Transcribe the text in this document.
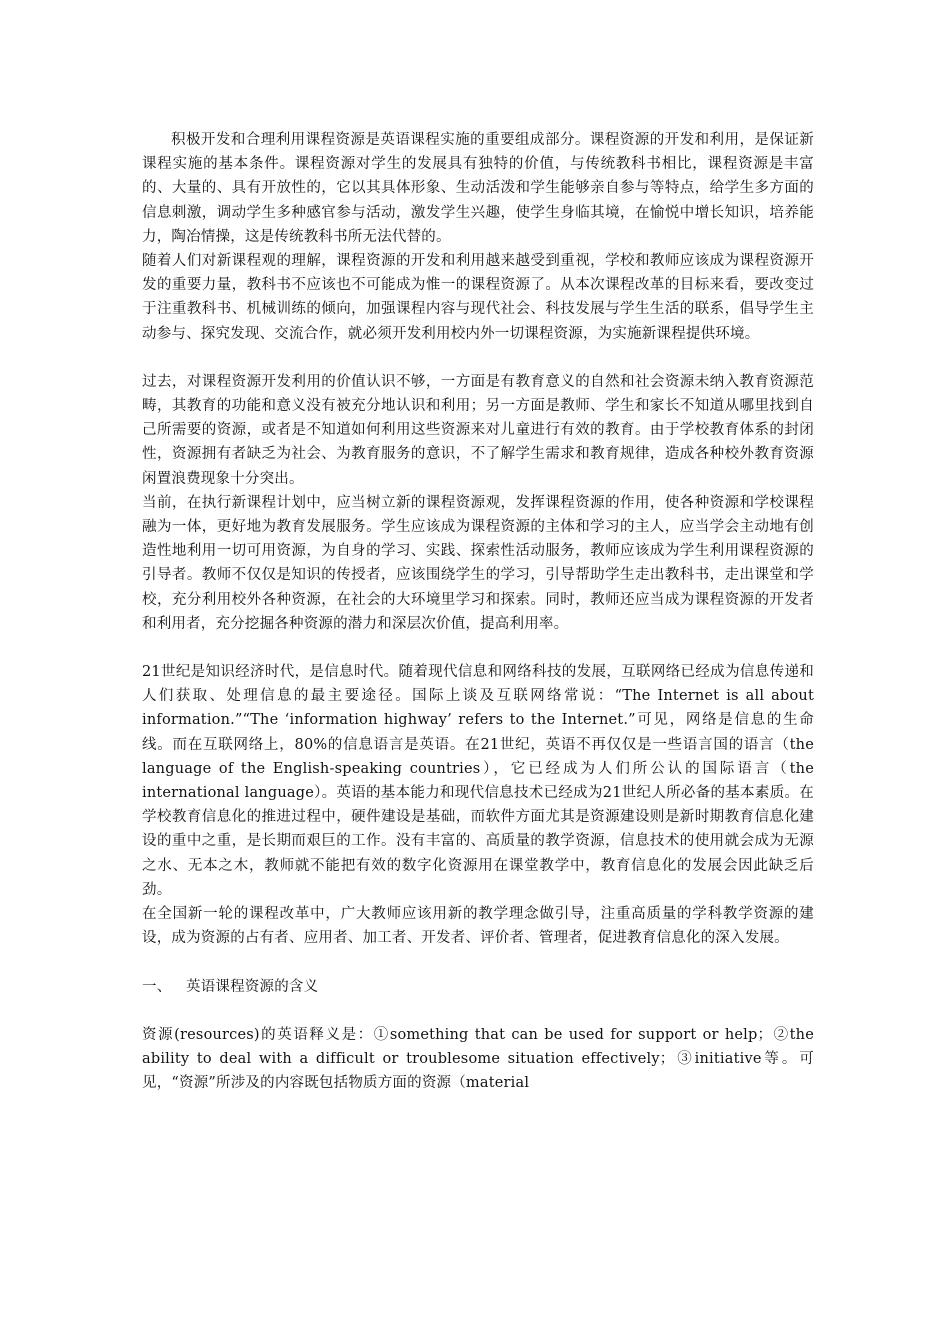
积极开发和合理利用课程资源是英语课程实施的重要组成部分。课程资源的开发和利用，是保证新课程实施的基本条件。课程资源对学生的发展具有独特的价值，与传统教科书相比，课程资源是丰富的、大量的、具有开放性的，它以其具体形象、生动活泼和学生能够亲自参与等特点，给学生多方面的信息刺激，调动学生多种感官参与活动，激发学生兴趣，使学生身临其境，在愉悦中增长知识，培养能力，陶冶情操，这是传统教科书所无法代替的。

随着人们对新课程观的理解，课程资源的开发和利用越来越受到重视，学校和教师应该成为课程资源开发的重要力量，教科书不应该也不可能成为惟一的课程资源了。从本次课程改革的目标来看，要改变过于注重教科书、机械训练的倾向，加强课程内容与现代社会、科技发展与学生生活的联系，倡导学生主动参与、探究发现、交流合作，就必须开发利用校内外一切课程资源，为实施新课程提供环境。

过去，对课程资源开发利用的价值认识不够，一方面是有教育意义的自然和社会资源未纳入教育资源范畴，其教育的功能和意义没有被充分地认识和利用；另一方面是教师、学生和家长不知道从哪里找到自己所需要的资源，或者是不知道如何利用这些资源来对儿童进行有效的教育。由于学校教育体系的封闭性，资源拥有者缺乏为社会、为教育服务的意识，不了解学生需求和教育规律，造成各种校外教育资源闲置浪费现象十分突出。

当前，在执行新课程计划中，应当树立新的课程资源观，发挥课程资源的作用，使各种资源和学校课程融为一体，更好地为教育发展服务。学生应该成为课程资源的主体和学习的主人，应当学会主动地有创造性地利用一切可用资源，为自身的学习、实践、探索性活动服务，教师应该成为学生利用课程资源的引导者。教师不仅仅是知识的传授者，应该围绕学生的学习，引导帮助学生走出教科书，走出课堂和学校，充分利用校外各种资源，在社会的大环境里学习和探索。同时，教师还应当成为课程资源的开发者和利用者，充分挖掘各种资源的潜力和深层次价值，提高利用率。

21世纪是知识经济时代，是信息时代。随着现代信息和网络科技的发展，互联网络已经成为信息传递和人们获取、处理信息的最主要途径。国际上谈及互联网络常说：“The Internet is all about information.”“The ‘information highway’ refers to the Internet.”可见，网络是信息的生命线。而在互联网络上，80%的信息语言是英语。在21世纪，英语不再仅仅是一些语言国的语言（the language of the English-speaking countries），它已经成为人们所公认的国际语言（the international language）。英语的基本能力和现代信息技术已经成为21世纪人所必备的基本素质。在学校教育信息化的推进过程中，硬件建设是基础，而软件方面尤其是资源建设则是新时期教育信息化建设的重中之重，是长期而艰巨的工作。没有丰富的、高质量的教学资源，信息技术的使用就会成为无源之水、无本之木，教师就不能把有效的数字化资源用在课堂教学中，教育信息化的发展会因此缺乏后劲。

在全国新一轮的课程改革中，广大教师应该用新的教学理念做引导，注重高质量的学科教学资源的建设，成为资源的占有者、应用者、加工者、开发者、评价者、管理者，促进教育信息化的深入发展。

一、 英语课程资源的含义

资源(resources)的英语释义是：①something that can be used for support or help；②the ability to deal with a difficult or troublesome situation effectively；③initiative等。可见，“资源”所涉及的内容既包括物质方面的资源（material
